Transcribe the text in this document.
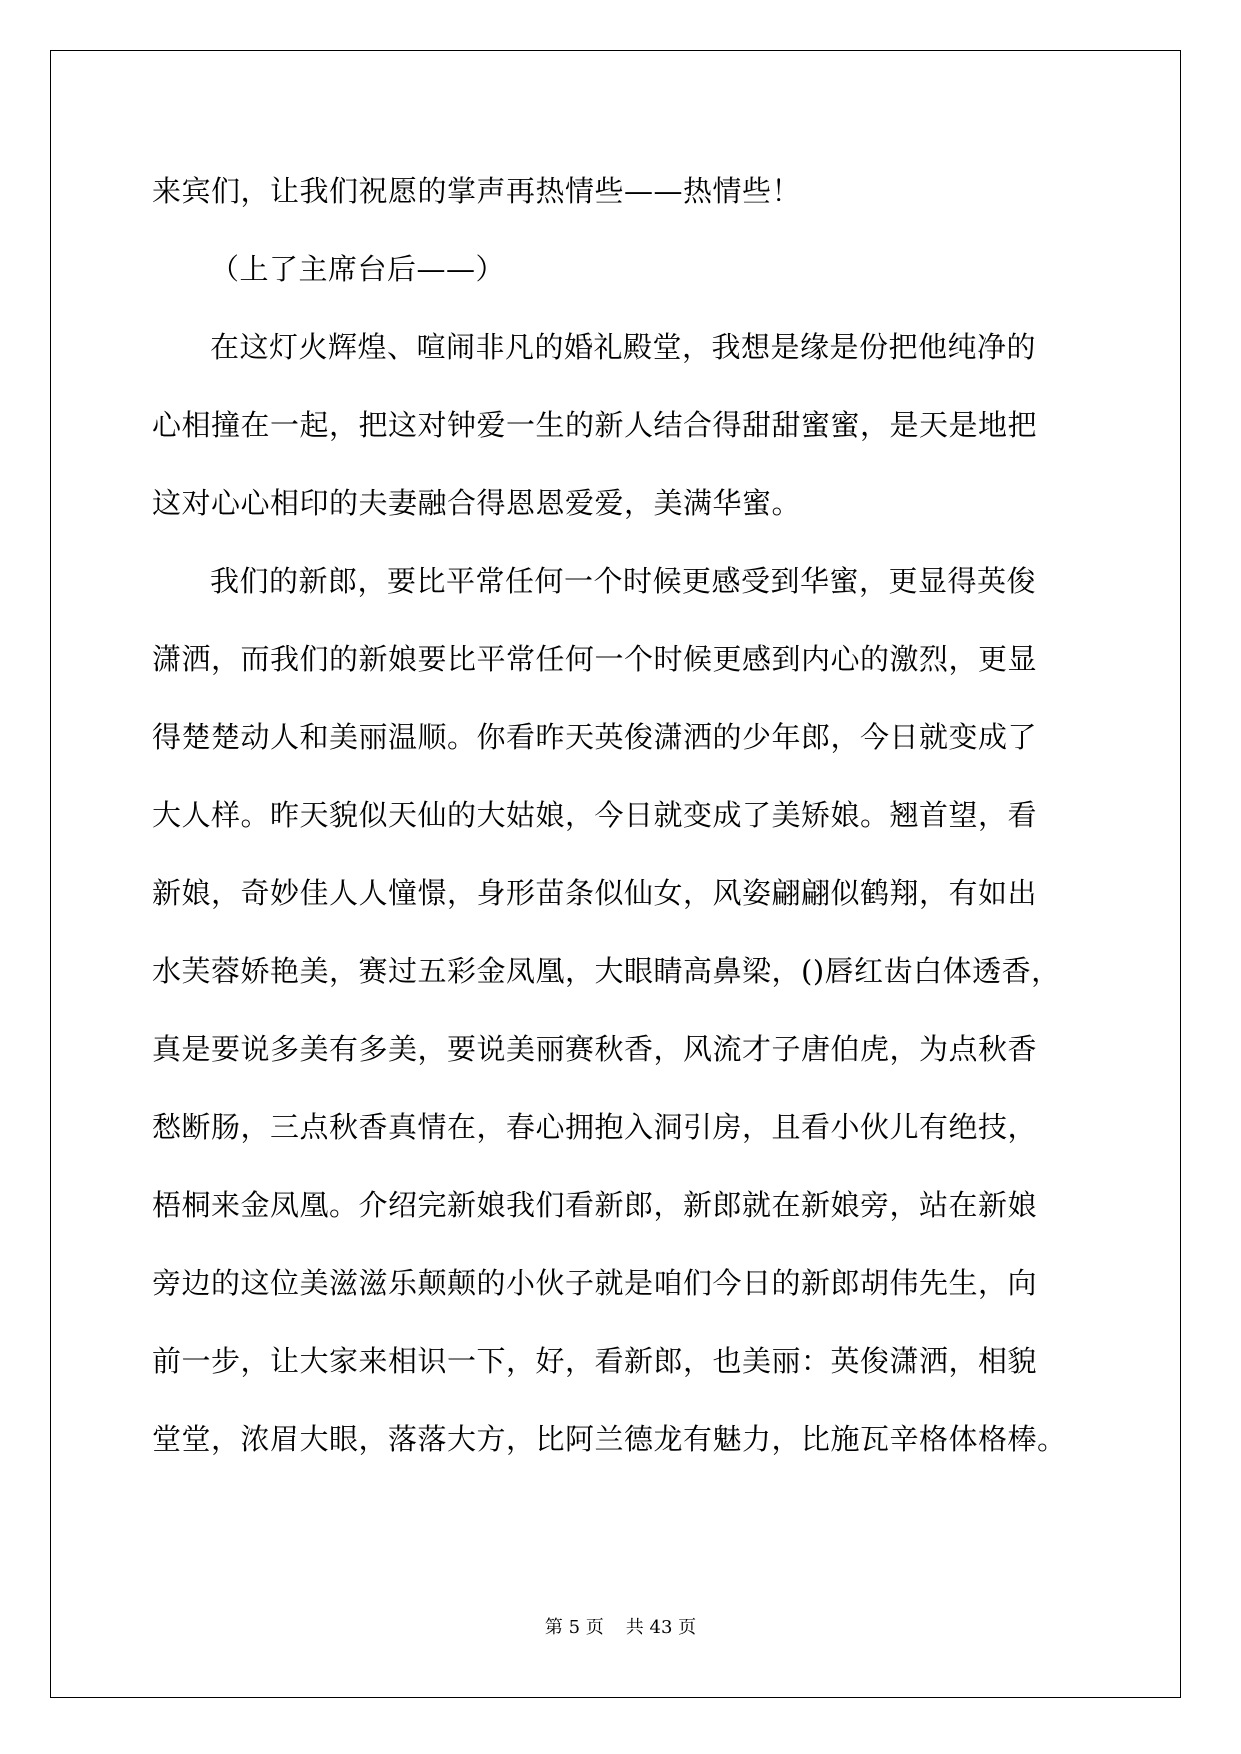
来宾们，让我们祝愿的掌声再热情些——热情些！
（上了主席台后——）
在这灯火辉煌、喧闹非凡的婚礼殿堂，我想是缘是份把他纯净的
心相撞在一起，把这对钟爱一生的新人结合得甜甜蜜蜜，是天是地把
这对心心相印的夫妻融合得恩恩爱爱，美满华蜜。
我们的新郎，要比平常任何一个时候更感受到华蜜，更显得英俊
潇洒，而我们的新娘要比平常任何一个时候更感到内心的激烈，更显
得楚楚动人和美丽温顺。你看昨天英俊潇洒的少年郎，今日就变成了
大人样。昨天貌似天仙的大姑娘，今日就变成了美矫娘。翘首望，看
新娘，奇妙佳人人憧憬，身形苗条似仙女，风姿翩翩似鹤翔，有如出
水芙蓉娇艳美，赛过五彩金凤凰，大眼睛高鼻梁，()唇红齿白体透香，
真是要说多美有多美，要说美丽赛秋香，风流才子唐伯虎，为点秋香
愁断肠，三点秋香真情在，春心拥抱入洞引房，且看小伙儿有绝技，
梧桐来金凤凰。介绍完新娘我们看新郎，新郎就在新娘旁，站在新娘
旁边的这位美滋滋乐颠颠的小伙子就是咱们今日的新郎胡伟先生，向
前一步，让大家来相识一下，好，看新郎，也美丽：英俊潇洒，相貌
堂堂，浓眉大眼，落落大方，比阿兰德龙有魅力，比施瓦辛格体格棒。
第 5 页 共 43 页
